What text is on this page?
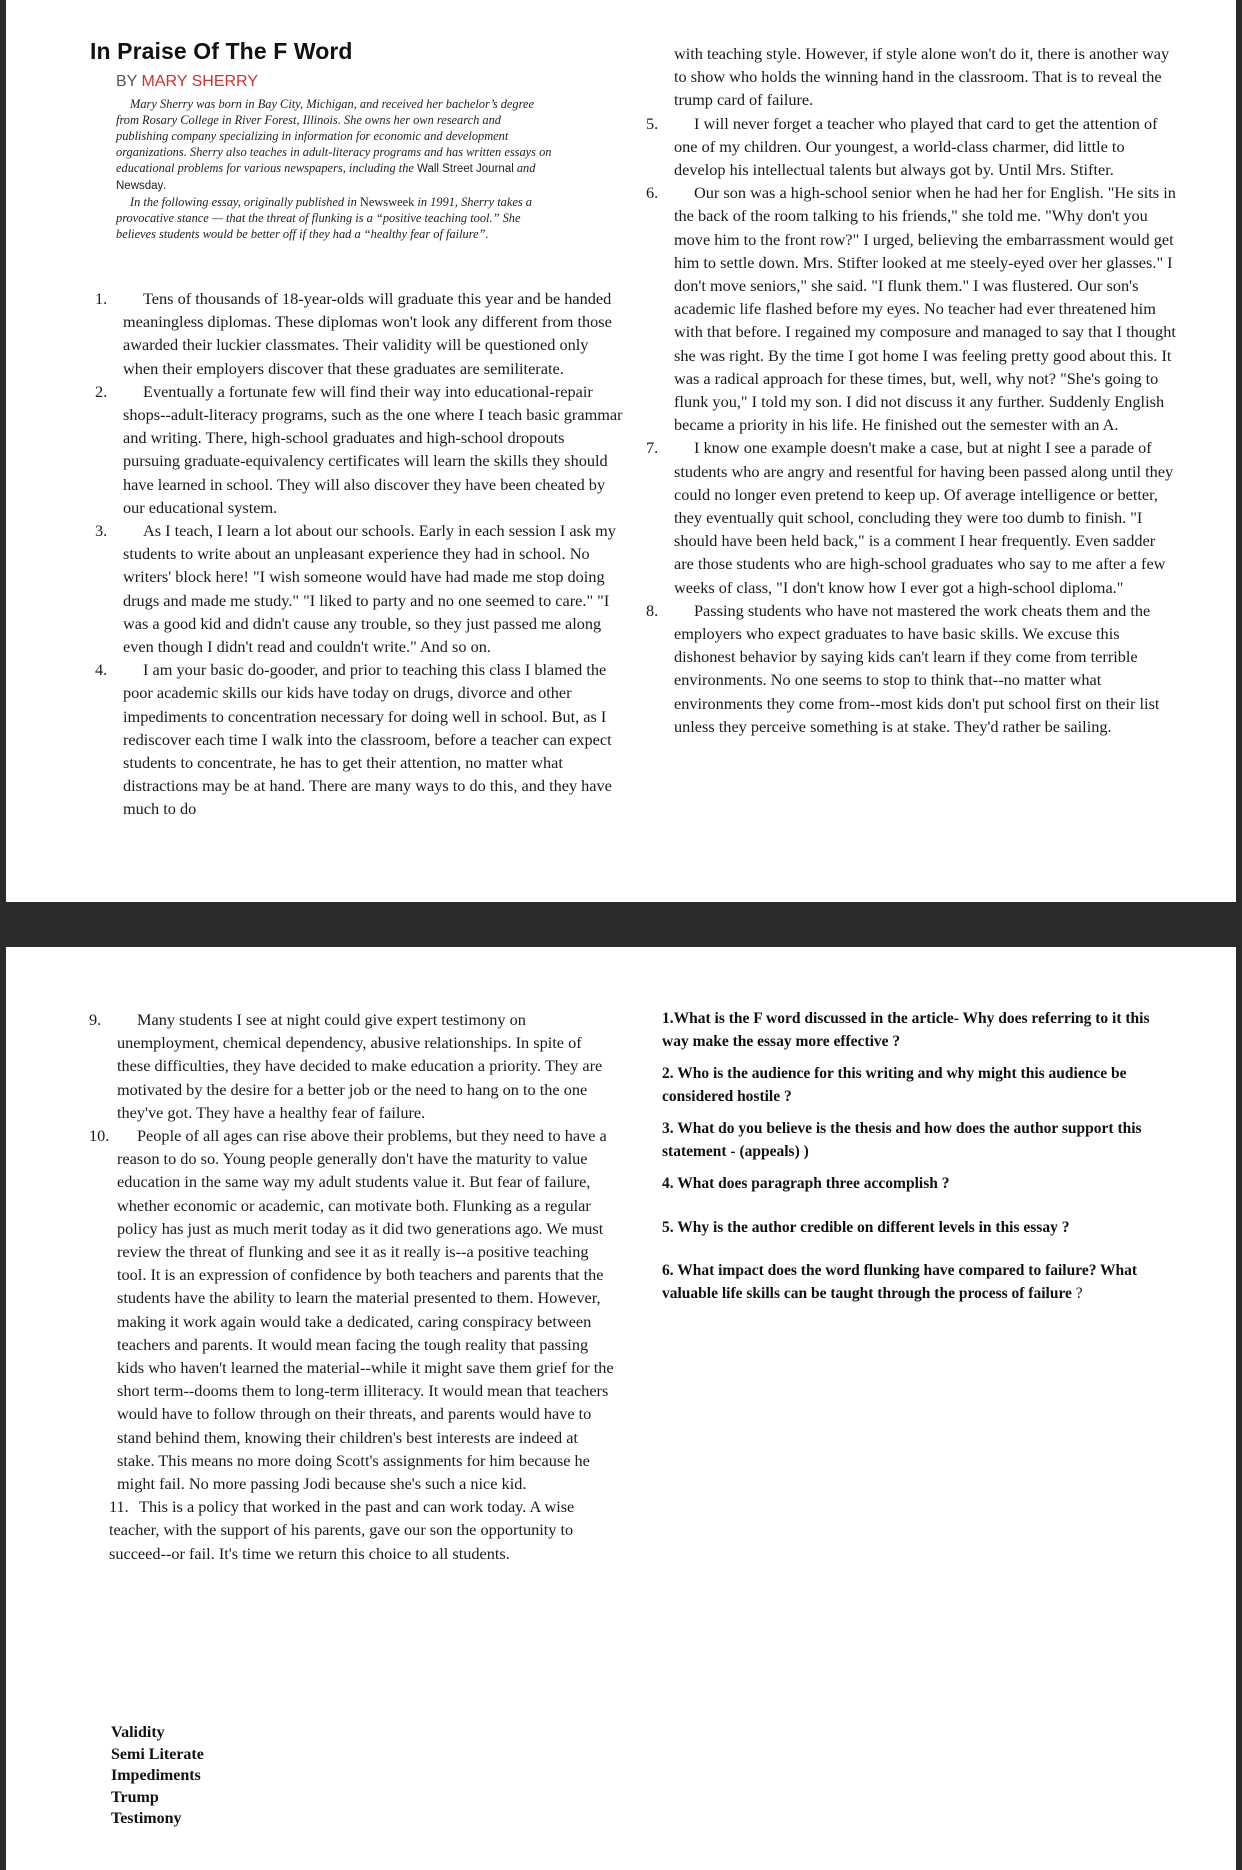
In Praise Of The F Word
BY MARY SHERRY

Mary Sherry was born in Bay City, Michigan, and received her bachelor’s degree from Rosary College in River Forest, Illinois. She owns her own research and publishing company specializing in information for economic and development organizations. Sherry also teaches in adult-literacy programs and has written essays on educational problems for various newspapers, including the Wall Street Journal and Newsday.

In the following essay, originally published in Newsweek in 1991, Sherry takes a provocative stance — that the threat of flunking is a “positive teaching tool.” She believes students would be better off if they had a “healthy fear of failure”.

1.	Tens of thousands of 18-year-olds will graduate this year and be handed meaningless diplomas. These diplomas won't look any different from those awarded their luckier classmates. Their validity will be questioned only when their employers discover that these graduates are semiliterate.

2.	Eventually a fortunate few will find their way into educational-repair shops--adult-literacy programs, such as the one where I teach basic grammar and writing. There, high-school graduates and high-school dropouts pursuing graduate-equivalency certificates will learn the skills they should have learned in school. They will also discover they have been cheated by our educational system.

3.	As I teach, I learn a lot about our schools. Early in each session I ask my students to write about an unpleasant experience they had in school. No writers' block here! "I wish someone would have had made me stop doing drugs and made me study." "I liked to party and no one seemed to care." "I was a good kid and didn't cause any trouble, so they just passed me along even though I didn't read and couldn't write." And so on.

4.	I am your basic do-gooder, and prior to teaching this class I blamed the poor academic skills our kids have today on drugs, divorce and other impediments to concentration necessary for doing well in school. But, as I rediscover each time I walk into the classroom, before a teacher can expect students to concentrate, he has to get their attention, no matter what distractions may be at hand. There are many ways to do this, and they have much to do

with teaching style. However, if style alone won't do it, there is another way to show who holds the winning hand in the classroom. That is to reveal the trump card of failure.

5.	I will never forget a teacher who played that card to get the attention of one of my children. Our youngest, a world-class charmer, did little to develop his intellectual talents but always got by. Until Mrs. Stifter.

6.	Our son was a high-school senior when he had her for English. "He sits in the back of the room talking to his friends," she told me. "Why don't you move him to the front row?" I urged, believing the embarrassment would get him to settle down. Mrs. Stifter looked at me steely-eyed over her glasses." I don't move seniors," she said. "I flunk them." I was flustered. Our son's academic life flashed before my eyes. No teacher had ever threatened him with that before. I regained my composure and managed to say that I thought she was right. By the time I got home I was feeling pretty good about this. It was a radical approach for these times, but, well, why not? "She's going to flunk you," I told my son. I did not discuss it any further. Suddenly English became a priority in his life. He finished out the semester with an A.

7.	I know one example doesn't make a case, but at night I see a parade of students who are angry and resentful for having been passed along until they could no longer even pretend to keep up. Of average intelligence or better, they eventually quit school, concluding they were too dumb to finish. "I should have been held back," is a comment I hear frequently. Even sadder are those students who are high-school graduates who say to me after a few weeks of class, "I don't know how I ever got a high-school diploma."

8.	Passing students who have not mastered the work cheats them and the employers who expect graduates to have basic skills. We excuse this dishonest behavior by saying kids can't learn if they come from terrible environments. No one seems to stop to think that--no matter what environments they come from--most kids don't put school first on their list unless they perceive something is at stake. They'd rather be sailing.

9.	Many students I see at night could give expert testimony on unemployment, chemical dependency, abusive relationships. In spite of these difficulties, they have decided to make education a priority. They are motivated by the desire for a better job or the need to hang on to the one they've got. They have a healthy fear of failure.

10.	People of all ages can rise above their problems, but they need to have a reason to do so. Young people generally don't have the maturity to value education in the same way my adult students value it. But fear of failure, whether economic or academic, can motivate both. Flunking as a regular policy has just as much merit today as it did two generations ago. We must review the threat of flunking and see it as it really is--a positive teaching tool. It is an expression of confidence by both teachers and parents that the students have the ability to learn the material presented to them. However, making it work again would take a dedicated, caring conspiracy between teachers and parents. It would mean facing the tough reality that passing kids who haven't learned the material--while it might save them grief for the short term--dooms them to long-term illiteracy. It would mean that teachers would have to follow through on their threats, and parents would have to stand behind them, knowing their children's best interests are indeed at stake. This means no more doing Scott's assignments for him because he might fail. No more passing Jodi because she's such a nice kid.

11. This is a policy that worked in the past and can work today. A wise teacher, with the support of his parents, gave our son the opportunity to succeed--or fail. It's time we return this choice to all students.

1.What is the F word discussed in the article- Why does referring to it this way make the essay more effective ?

2. Who is the audience for this writing and why might this audience be considered hostile ?

3. What do you believe is the thesis and how does the author support this statement - (appeals) )

4. What does paragraph three accomplish ?

5. Why is the author credible on different levels in this essay ?

6. What impact does the word flunking have compared to failure? What valuable life skills can be taught through the process of failure ?

Validity
Semi Literate
Impediments
Trump
Testimony
